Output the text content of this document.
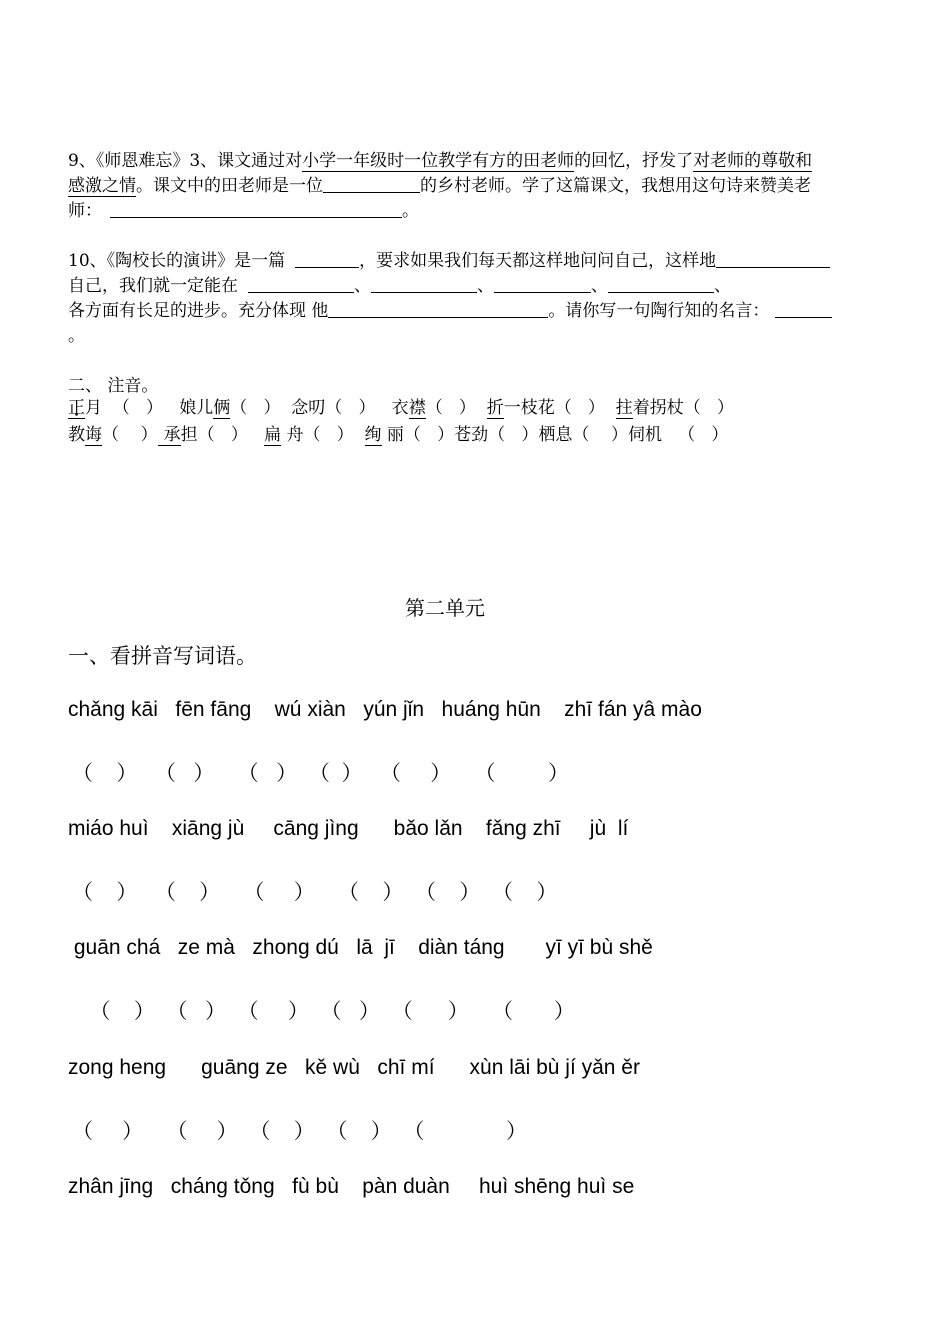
9、《师恩难忘》3、课文通过对小学一年级时一位教学有方的田老师的回忆，抒发了对老师的尊敬和
感激之情。课文中的田老师是一位	的乡村老师。学了这篇课文，我想用这句诗来赞美老
师：	。
10、《陶校长的演讲》是一篇	，要求如果我们每天都这样地问问自己，这样地
自己，我们就一定能在	、	、	、	、
各方面有长足的进步。充分体现 他	。请你写一句陶行知的名言：
。
二、 注音。
正月  （   ）   娘儿俩（   ）  念叨（   ）   衣襟（   ）  折一枝花（   ）  拄着拐杖（   ）
教诲（    ） 承担（   ）   扁 舟（   ）  绚 丽（   ）苍劲（   ）栖息（    ）伺机   （   ）
第二单元
一、看拼音写词语。
chǎnɡ kāi   fēn fānɡ    wú xiàn   yún jǐn   huánɡ hūn    zhī fán yâ mào
（    ）   （   ）    （   ）  （  ）   （     ）    （         ）
miáo huì    xiānɡ jù     cānɡ jìnɡ      bǎo lǎn    fǎnɡ zhī     jù  lí
（    ）   （    ）    （     ）    （    ）  （    ）  （    ）
ɡuān chá   ze mà   zhong dú   lā  jī    diàn tánɡ       yī yī bù shě
（    ）  （   ）  （     ）  （   ）  （      ）    （       ）
zonɡ henɡ      ɡuānɡ ze   kě wù   chī mí      xùn lāi bù jí yǎn ěr
（     ）    （     ）  （    ）  （    ）  （              ）
zhân jīnɡ   chánɡ tǒnɡ   fù bù    pàn duàn     huì shēnɡ huì se
